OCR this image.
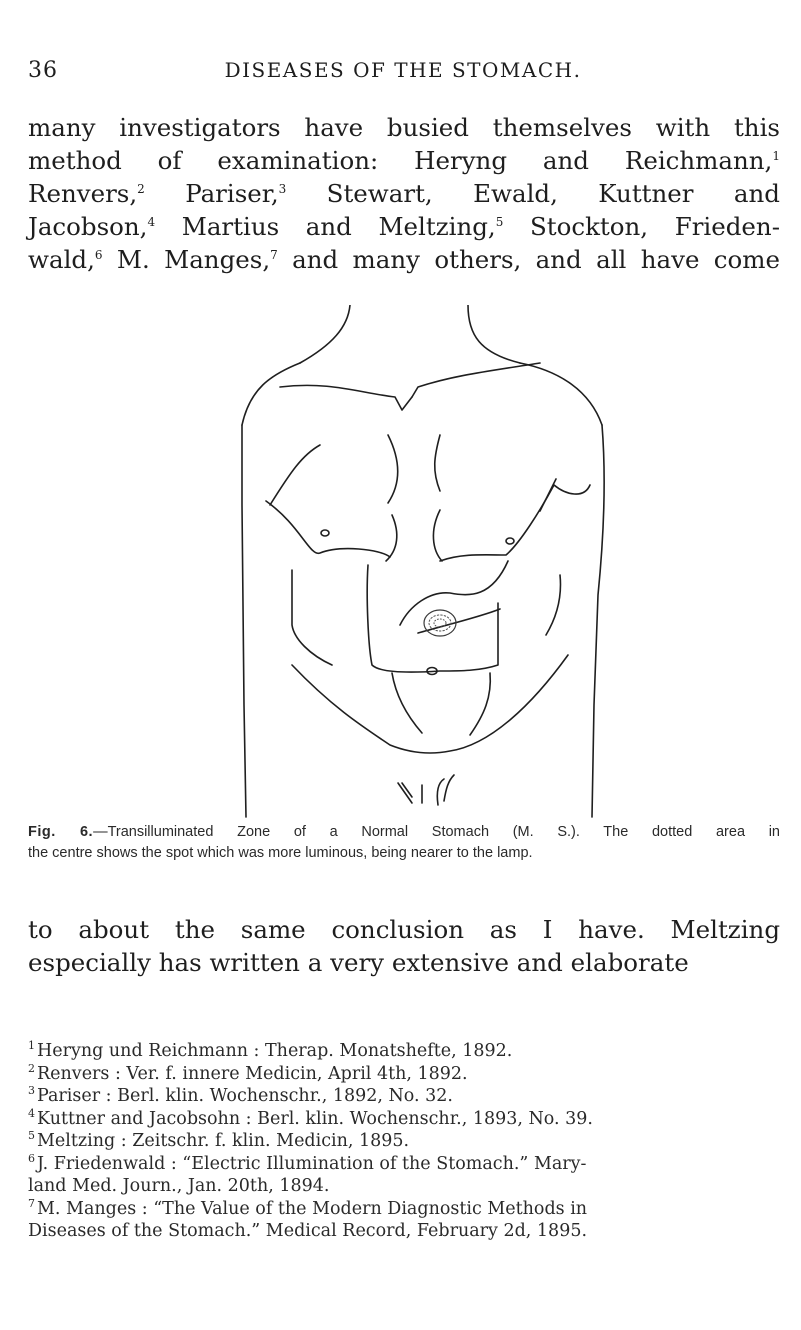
36	DISEASES OF THE STOMACH.

many investigators have busied themselves with this

method of examination: Heryng and Reichmann,$^1$

Renvers,$^2$ Pariser,$^3$ Stewart, Ewald, Kuttner and

Jacobson,$^4$ Martius and Meltzing,$^5$ Stockton, Frieden-

wald,$^6$ M. Manges,$^7$ and many others, and all have come

Fig. 6.—Transilluminated Zone of a Normal Stomach (M. S.). The dotted area in

the centre shows the spot which was more luminous, being nearer to the lamp.

to about the same conclusion as I have. Meltzing

especially has written a very extensive and elaborate

$^1$ Heryng und Reichmann : Therap. Monatshefte, 1892.

$^2$ Renvers : Ver. f. innere Medicin, April 4th, 1892.

$^3$ Pariser : Berl. klin. Wochenschr., 1892, No. 32.

$^4$ Kuttner and Jacobsohn : Berl. klin. Wochenschr., 1893, No. 39.

$^5$ Meltzing : Zeitschr. f. klin. Medicin, 1895.

$^6$ J. Friedenwald : “Electric Illumination of the Stomach.” Mary-

land Med. Journ., Jan. 20th, 1894.

$^7$ M. Manges : “The Value of the Modern Diagnostic Methods in

Diseases of the Stomach.” Medical Record, February 2d, 1895.
